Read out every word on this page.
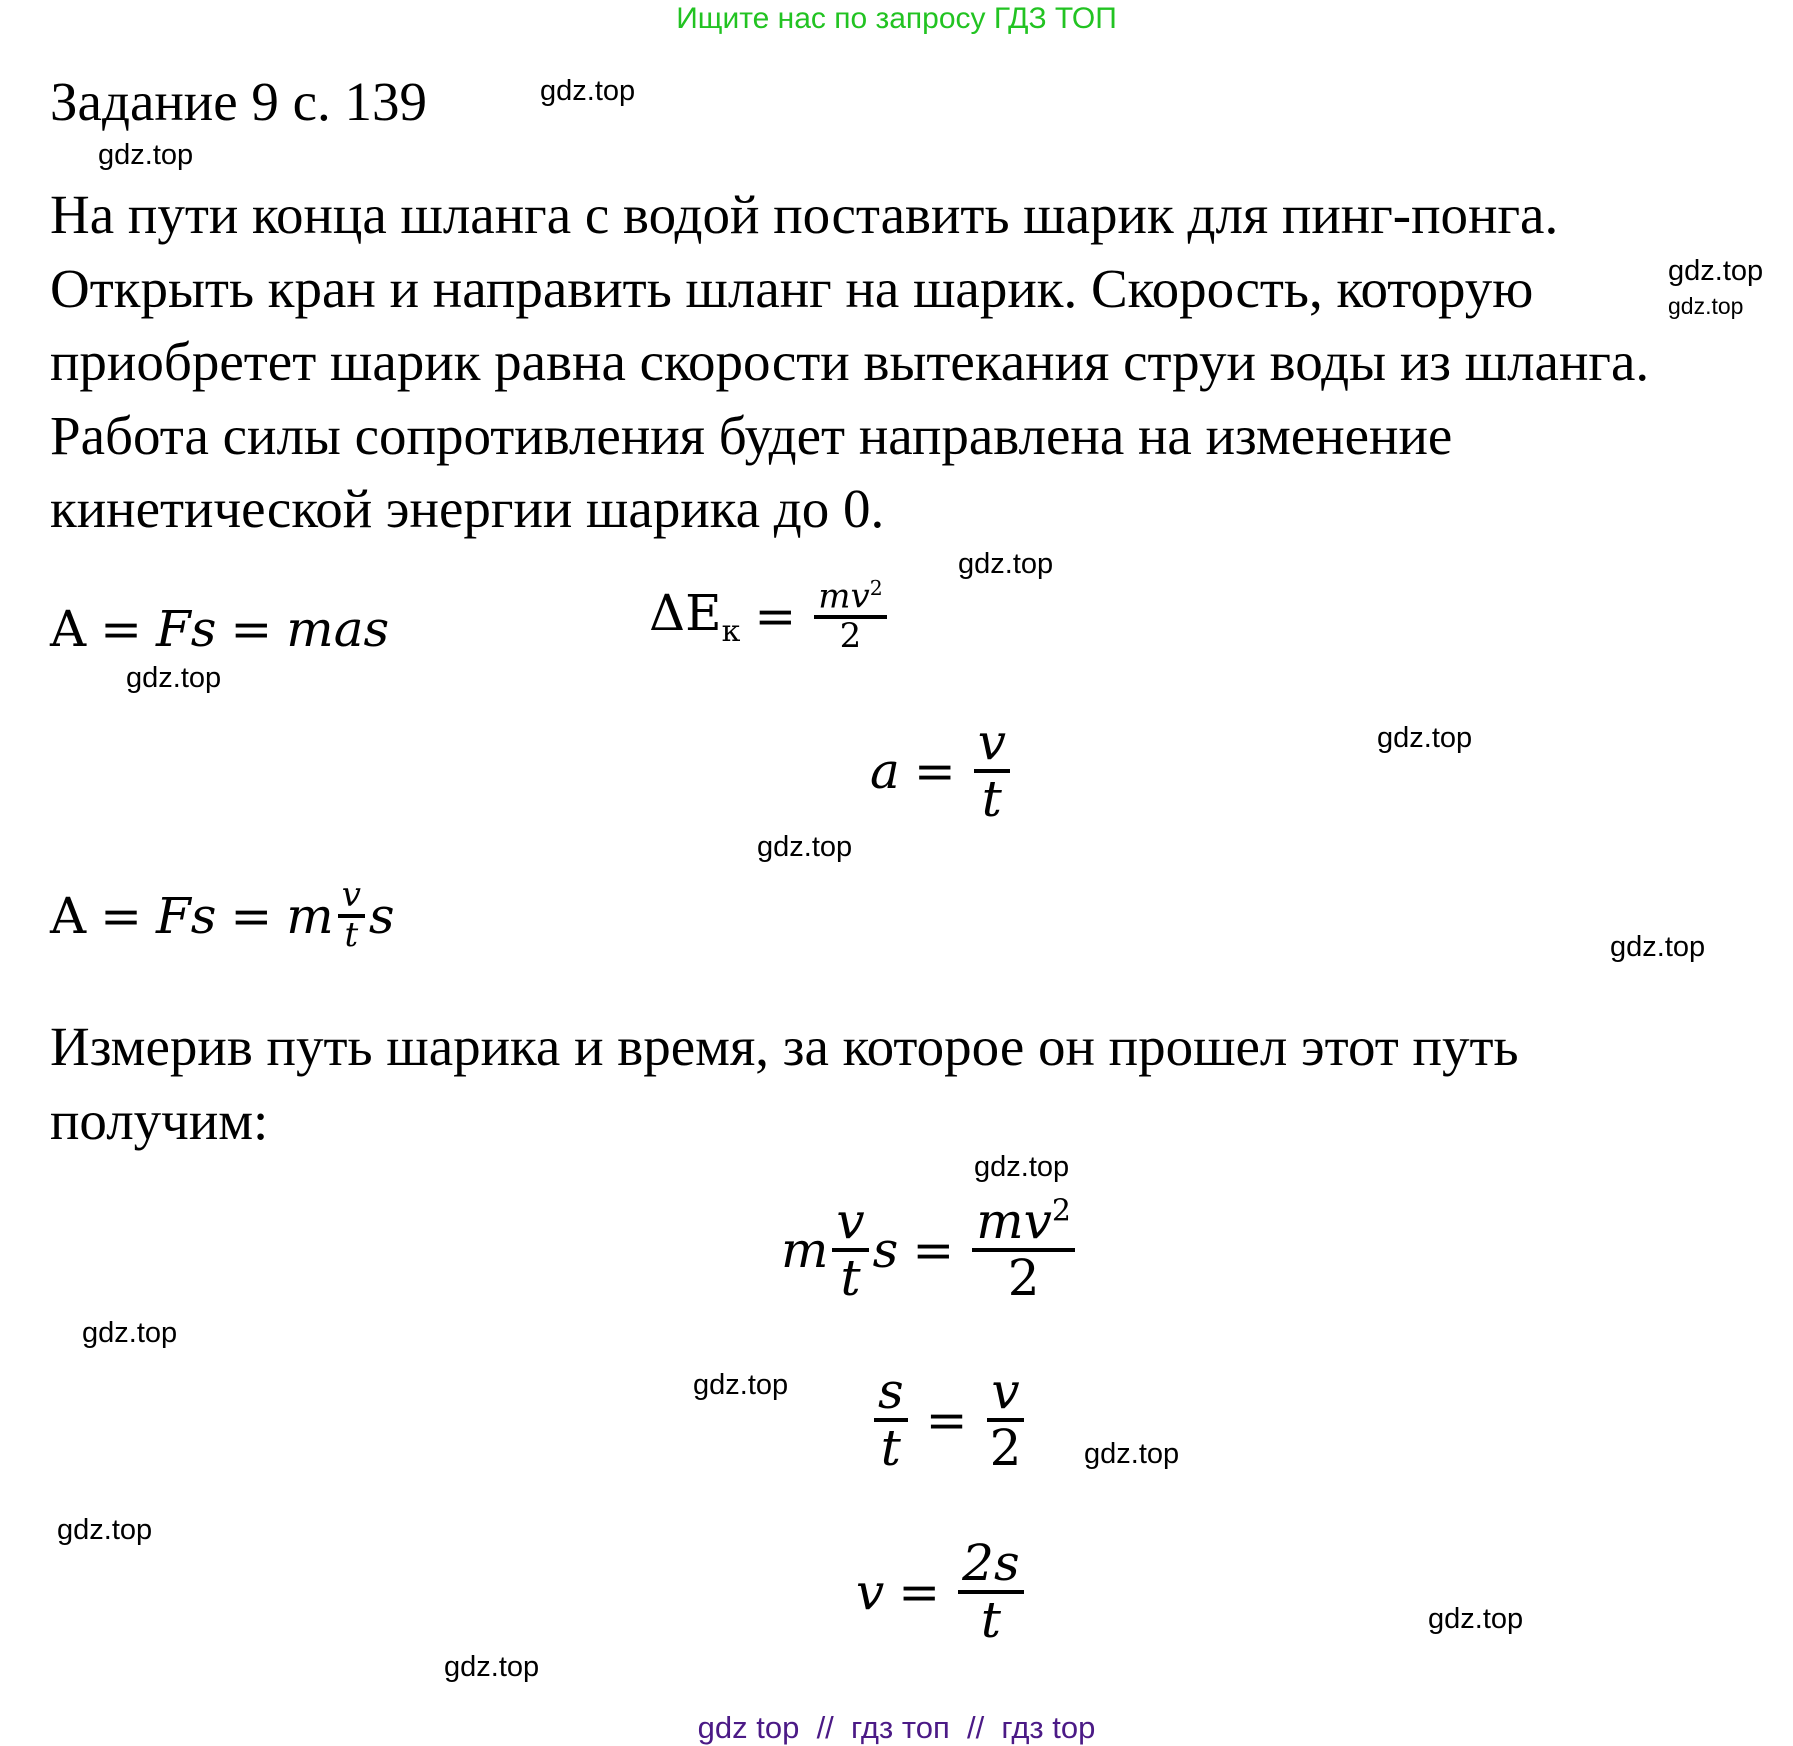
Ищите нас по запросу ГДЗ ТОП
Задание 9 с. 139
На пути конца шланга с водой поставить шарик для пинг-понга.
Открыть кран и направить шланг на шарик. Скорость, которую
приобретет шарик равна скорости вытекания струи воды из шланга.
Работа силы сопротивления будет направлена на изменение
кинетической энергии шарика до 0.
A = Fs = mas	$\Delta E_к = \frac{mv^2}{2}$
$a = \frac{v}{t}$
A = Fs = m $\frac{v}{t}$ s
Измерив путь шарика и время, за которое он прошел этот путь
получим:
m $\frac{v}{t}$ $s = \frac{mv^2}{2}$
$\frac{s}{t} = \frac{v}{2}$
$v = \frac{2s}{t}$
gdz.top
gdz.top
gdz.top
gdz.top
gdz.top
gdz.top
gdz.top
gdz.top
gdz.top
gdz.top
gdz.top
gdz.top
gdz.top
gdz.top
gdz.top
gdz.top
gdz top  //  гдз топ  //  гдз top
